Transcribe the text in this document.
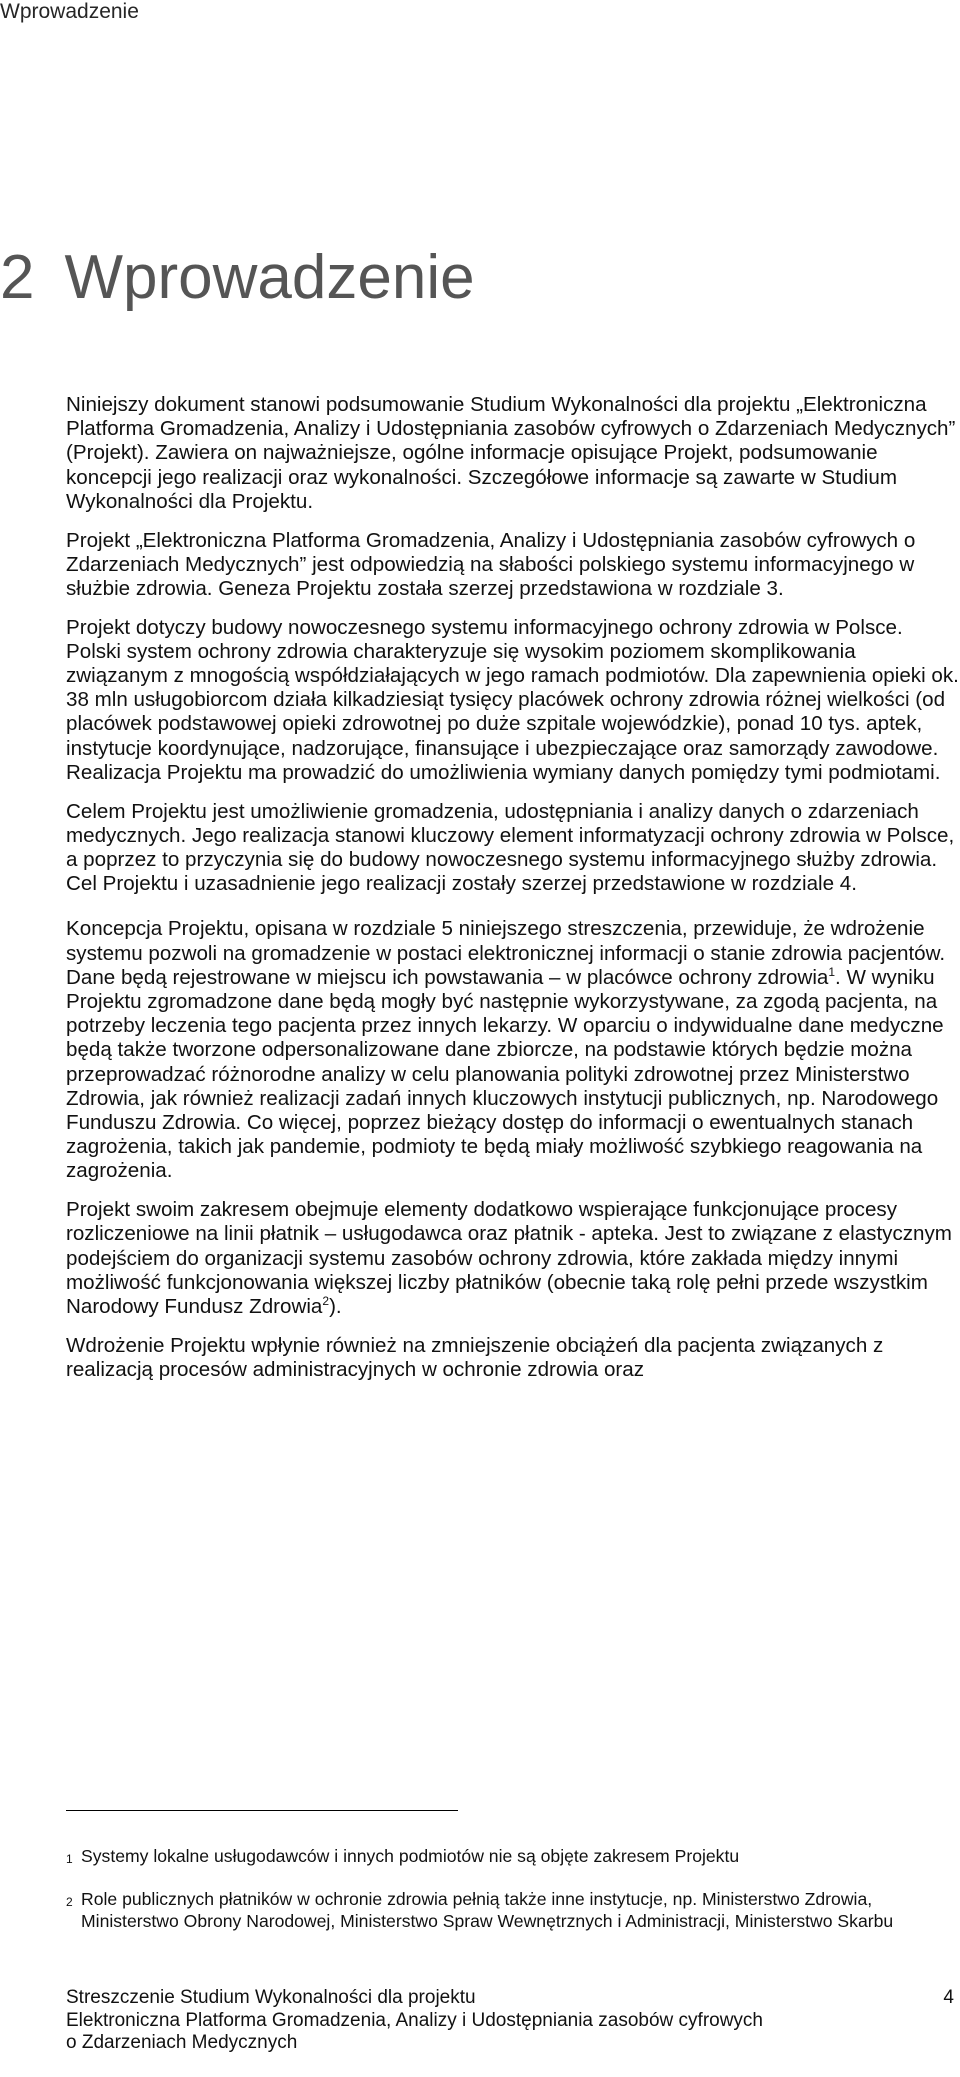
Wprowadzenie
2 Wprowadzenie

Niniejszy dokument stanowi podsumowanie Studium Wykonalności dla projektu „Elektroniczna Platforma Gromadzenia, Analizy i Udostępniania zasobów cyfrowych o Zdarzeniach Medycznych” (Projekt). Zawiera on najważniejsze, ogólne informacje opisujące Projekt, podsumowanie koncepcji jego realizacji oraz wykonalności. Szczegółowe informacje są zawarte w Studium Wykonalności dla Projektu.

Projekt „Elektroniczna Platforma Gromadzenia, Analizy i Udostępniania zasobów cyfrowych o Zdarzeniach Medycznych” jest odpowiedzią na słabości polskiego systemu informacyjnego w służbie zdrowia. Geneza Projektu została szerzej przedstawiona w rozdziale 3.

Projekt dotyczy budowy nowoczesnego systemu informacyjnego ochrony zdrowia w Polsce. Polski system ochrony zdrowia charakteryzuje się wysokim poziomem skomplikowania związanym z mnogością współdziałających w jego ramach podmiotów. Dla zapewnienia opieki ok. 38 mln usługobiorcom działa kilkadziesiąt tysięcy placówek ochrony zdrowia różnej wielkości (od placówek podstawowej opieki zdrowotnej po duże szpitale wojewódzkie), ponad 10 tys. aptek, instytucje koordynujące, nadzorujące, finansujące i ubezpieczające oraz samorządy zawodowe. Realizacja Projektu ma prowadzić do umożliwienia wymiany danych pomiędzy tymi podmiotami.

Celem Projektu jest umożliwienie gromadzenia, udostępniania i analizy danych o zdarzeniach medycznych. Jego realizacja stanowi kluczowy element informatyzacji ochrony zdrowia w Polsce, a poprzez to przyczynia się do budowy nowoczesnego systemu informacyjnego służby zdrowia. Cel Projektu i uzasadnienie jego realizacji zostały szerzej przedstawione w rozdziale 4.

Koncepcja Projektu, opisana w rozdziale 5 niniejszego streszczenia, przewiduje, że wdrożenie systemu pozwoli na gromadzenie w postaci elektronicznej informacji o stanie zdrowia pacjentów. Dane będą rejestrowane w miejscu ich powstawania – w placówce ochrony zdrowia$^1$. W wyniku Projektu zgromadzone dane będą mogły być następnie wykorzystywane, za zgodą pacjenta, na potrzeby leczenia tego pacjenta przez innych lekarzy. W oparciu o indywidualne dane medyczne będą także tworzone odpersonalizowane dane zbiorcze, na podstawie których będzie można przeprowadzać różnorodne analizy w celu planowania polityki zdrowotnej przez Ministerstwo Zdrowia, jak również realizacji zadań innych kluczowych instytucji publicznych, np. Narodowego Funduszu Zdrowia. Co więcej, poprzez bieżący dostęp do informacji o ewentualnych stanach zagrożenia, takich jak pandemie, podmioty te będą miały możliwość szybkiego reagowania na zagrożenia.

Projekt swoim zakresem obejmuje elementy dodatkowo wspierające funkcjonujące procesy rozliczeniowe na linii płatnik – usługodawca oraz płatnik - apteka. Jest to związane z elastycznym podejściem do organizacji systemu zasobów ochrony zdrowia, które zakłada między innymi możliwość funkcjonowania większej liczby płatników (obecnie taką rolę pełni przede wszystkim Narodowy Fundusz Zdrowia$^2$).

Wdrożenie Projektu wpłynie również na zmniejszenie obciążeń dla pacjenta związanych z realizacją procesów administracyjnych w ochronie zdrowia oraz

1 Systemy lokalne usługodawców i innych podmiotów nie są objęte zakresem Projektu
2 Role publicznych płatników w ochronie zdrowia pełnią także inne instytucje, np. Ministerstwo Zdrowia, Ministerstwo Obrony Narodowej, Ministerstwo Spraw Wewnętrznych i Administracji, Ministerstwo Skarbu
Streszczenie Studium Wykonalności dla projektu
Elektroniczna Platforma Gromadzenia, Analizy i Udostępniania zasobów cyfrowych
o Zdarzeniach Medycznych
4
